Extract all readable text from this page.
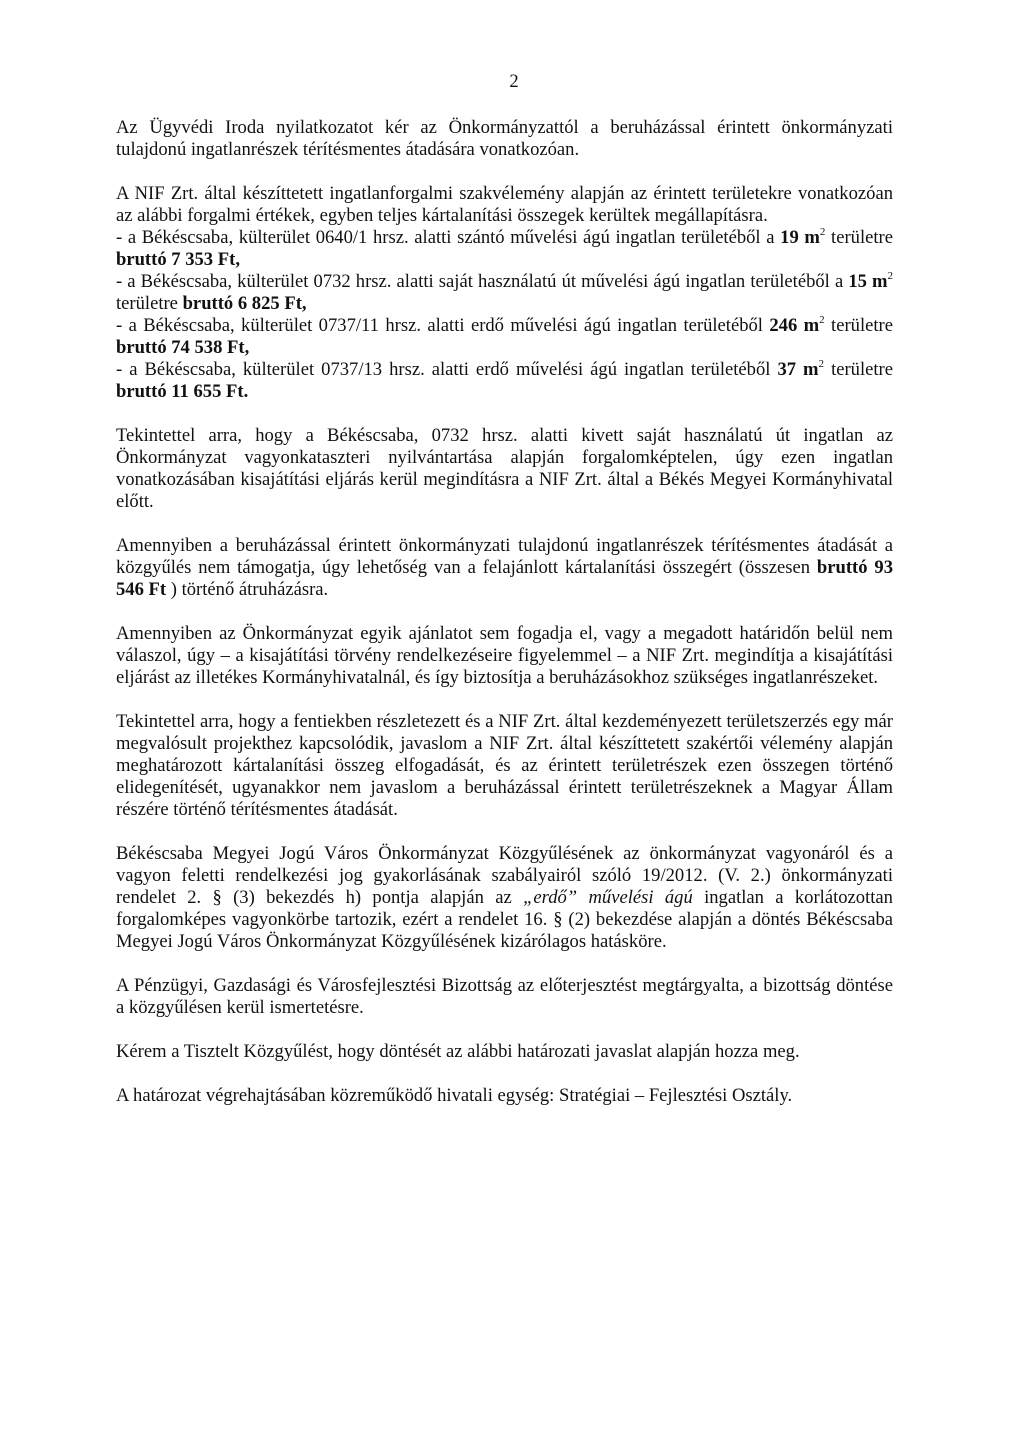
2

Az Ügyvédi Iroda nyilatkozatot kér az Önkormányzattól a beruházással érintett önkormányzati tulajdonú ingatlanrészek térítésmentes átadására vonatkozóan.

A NIF Zrt. által készíttetett ingatlanforgalmi szakvélemény alapján az érintett területekre vonatkozóan az alábbi forgalmi értékek, egyben teljes kártalanítási összegek kerültek megállapításra.

- a Békéscsaba, külterület 0640/1 hrsz. alatti szántó művelési ágú ingatlan területéből a 19 $m^2$ területre bruttó 7 353 Ft,

- a Békéscsaba, külterület 0732 hrsz. alatti saját használatú út művelési ágú ingatlan területéből a 15 $m^2$ területre bruttó 6 825 Ft,

- a Békéscsaba, külterület 0737/11 hrsz. alatti erdő művelési ágú ingatlan területéből 246 $m^2$ területre bruttó 74 538 Ft,

- a Békéscsaba, külterület 0737/13 hrsz. alatti erdő művelési ágú ingatlan területéből 37 $m^2$ területre bruttó 11 655 Ft.

Tekintettel arra, hogy a Békéscsaba, 0732 hrsz. alatti kivett saját használatú út ingatlan az Önkormányzat vagyonkataszteri nyilvántartása alapján forgalomképtelen, úgy ezen ingatlan vonatkozásában kisajátítási eljárás kerül megindításra a NIF Zrt. által a Békés Megyei Kormányhivatal előtt.

Amennyiben a beruházással érintett önkormányzati tulajdonú ingatlanrészek térítésmentes átadását a közgyűlés nem támogatja, úgy lehetőség van a felajánlott kártalanítási összegért (összesen bruttó 93 546 Ft ) történő átruházásra.

Amennyiben az Önkormányzat egyik ajánlatot sem fogadja el, vagy a megadott határidőn belül nem válaszol, úgy – a kisajátítási törvény rendelkezéseire figyelemmel – a NIF Zrt. megindítja a kisajátítási eljárást az illetékes Kormányhivatalnál, és így biztosítja a beruházásokhoz szükséges ingatlanrészeket.

Tekintettel arra, hogy a fentiekben részletezett és a NIF Zrt. által kezdeményezett területszerzés egy már megvalósult projekthez kapcsolódik, javaslom a NIF Zrt. által készíttetett szakértői vélemény alapján meghatározott kártalanítási összeg elfogadását, és az érintett területrészek ezen összegen történő elidegenítését, ugyanakkor nem javaslom a beruházással érintett területrészeknek a Magyar Állam részére történő térítésmentes átadását.

Békéscsaba Megyei Jogú Város Önkormányzat Közgyűlésének az önkormányzat vagyonáról és a vagyon feletti rendelkezési jog gyakorlásának szabályairól szóló 19/2012. (V. 2.) önkormányzati rendelet 2. § (3) bekezdés h) pontja alapján az „erdő” művelési ágú ingatlan a korlátozottan forgalomképes vagyonkörbe tartozik, ezért a rendelet 16. § (2) bekezdése alapján a döntés Békéscsaba Megyei Jogú Város Önkormányzat Közgyűlésének kizárólagos hatásköre.

A Pénzügyi, Gazdasági és Városfejlesztési Bizottság az előterjesztést megtárgyalta, a bizottság döntése a közgyűlésen kerül ismertetésre.

Kérem a Tisztelt Közgyűlést, hogy döntését az alábbi határozati javaslat alapján hozza meg.

A határozat végrehajtásában közreműködő hivatali egység: Stratégiai – Fejlesztési Osztály.
